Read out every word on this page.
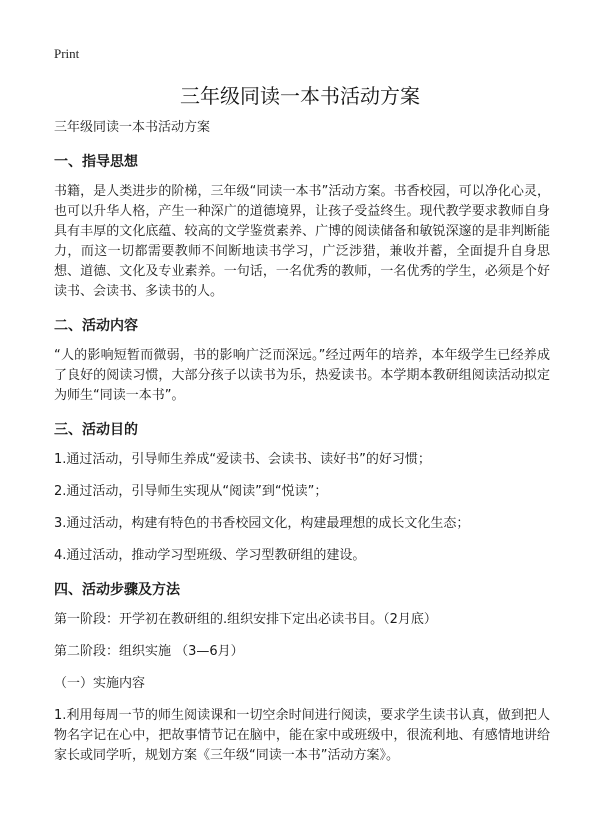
Print
三年级同读一本书活动方案

三年级同读一本书活动方案

一、指导思想

书籍，是人类进步的阶梯，三年级“同读一本书”活动方案。书香校园，可以净化心灵，也可以升华人格，产生一种深广的道德境界，让孩子受益终生。现代教学要求教师自身具有丰厚的文化底蕴、较高的文学鉴赏素养、广博的阅读储备和敏锐深邃的是非判断能力，而这一切都需要教师不间断地读书学习，广泛涉猎，兼收并蓄，全面提升自身思想、道德、文化及专业素养。一句话，一名优秀的教师，一名优秀的学生，必须是个好读书、会读书、多读书的人。

二、活动内容

“人的影响短暂而微弱，书的影响广泛而深远。”经过两年的培养，本年级学生已经养成了良好的阅读习惯，大部分孩子以读书为乐，热爱读书。本学期本教研组阅读活动拟定为师生“同读一本书”。

三、活动目的

1.通过活动，引导师生养成“爱读书、会读书、读好书”的好习惯；

2.通过活动，引导师生实现从“阅读”到“悦读”；

3.通过活动，构建有特色的书香校园文化，构建最理想的成长文化生态；

4.通过活动，推动学习型班级、学习型教研组的建设。

四、活动步骤及方法

第一阶段：开学初在教研组的.组织安排下定出必读书目。（2月底）

第二阶段：组织实施 （3—6月）

（一）实施内容

1.利用每周一节的师生阅读课和一切空余时间进行阅读，要求学生读书认真，做到把人物名字记在心中，把故事情节记在脑中，能在家中或班级中，很流利地、有感情地讲给家长或同学听，规划方案《三年级“同读一本书”活动方案》。
